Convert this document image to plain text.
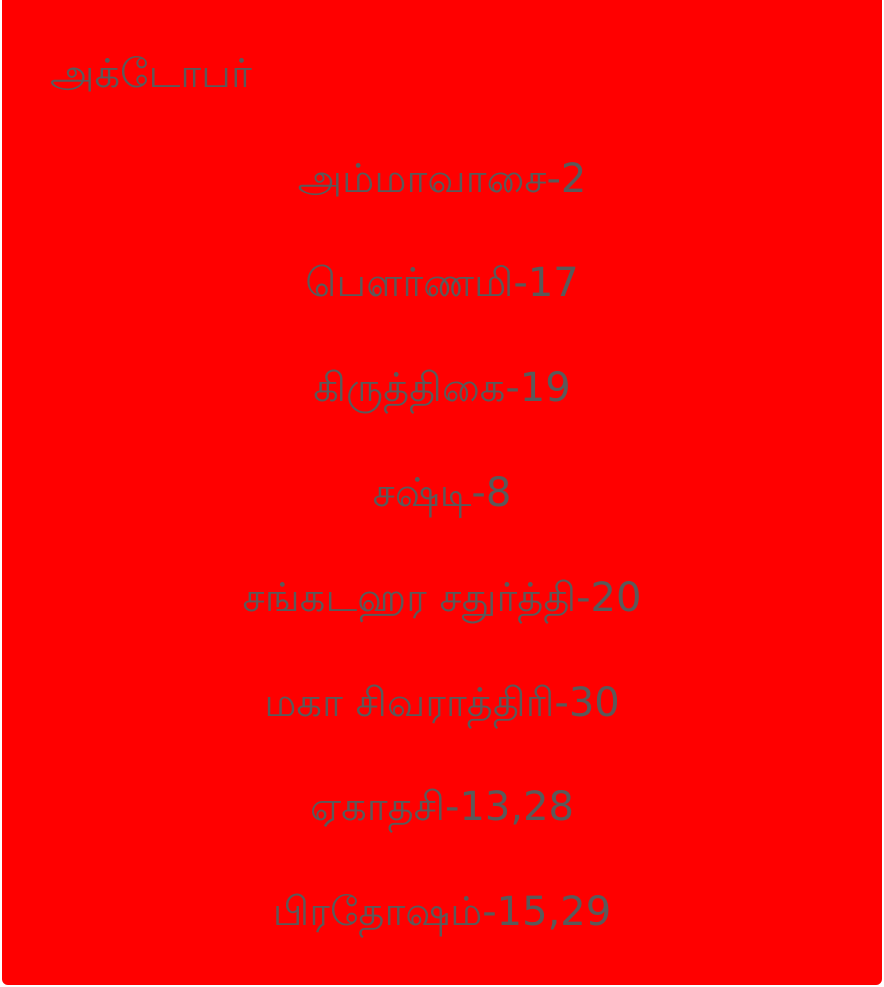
அக்டோபர்
அம்மாவாசை-2
பௌர்ணமி-17
கிருத்திகை-19
சஷ்டி-8
சங்கடஹர சதுர்த்தி-20
மகா சிவராத்திரி-30
ஏகாதசி-13,28
பிரதோஷம்-15,29
